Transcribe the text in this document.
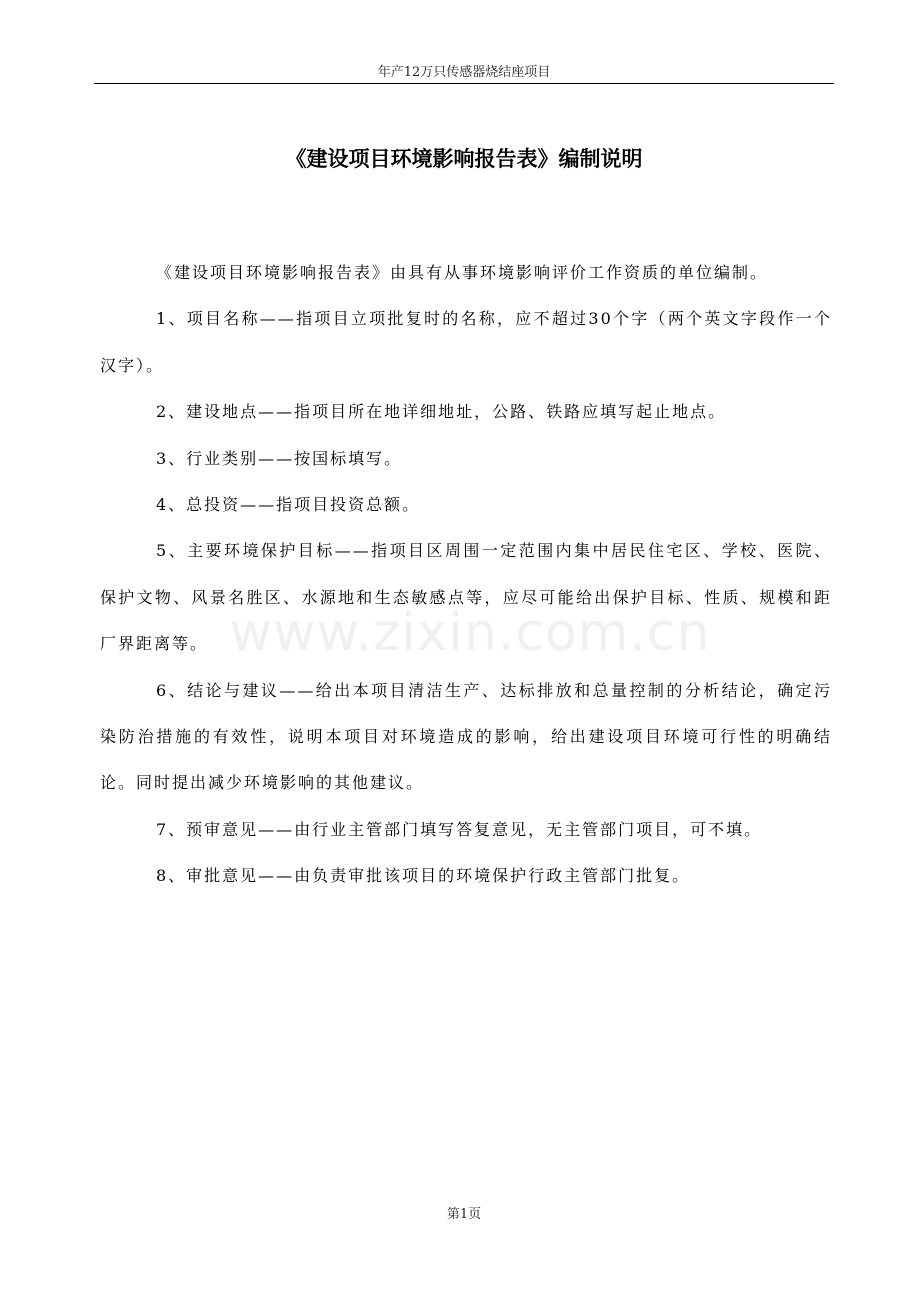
年产12万只传感器烧结座项目
《建设项目环境影响报告表》编制说明

《建设项目环境影响报告表》由具有从事环境影响评价工作资质的单位编制。

1、项目名称——指项目立项批复时的名称，应不超过30个字（两个英文字段作一个汉字）。

2、建设地点——指项目所在地详细地址，公路、铁路应填写起止地点。

3、行业类别——按国标填写。

4、总投资——指项目投资总额。

5、主要环境保护目标——指项目区周围一定范围内集中居民住宅区、学校、医院、保护文物、风景名胜区、水源地和生态敏感点等，应尽可能给出保护目标、性质、规模和距厂界距离等。

6、结论与建议——给出本项目清洁生产、达标排放和总量控制的分析结论，确定污染防治措施的有效性，说明本项目对环境造成的影响，给出建设项目环境可行性的明确结论。同时提出减少环境影响的其他建议。

7、预审意见——由行业主管部门填写答复意见，无主管部门项目，可不填。

8、审批意见——由负责审批该项目的环境保护行政主管部门批复。

www.zixin.com.cn
第1页
